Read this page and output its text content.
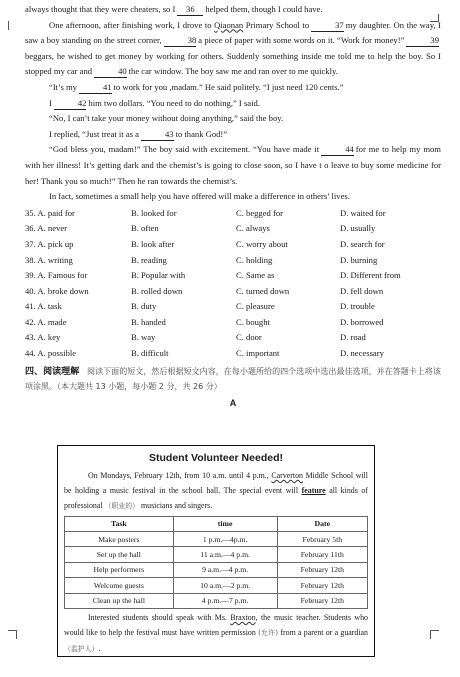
always thought that they were cheaters, so I 36 helped them, though I could have.

One afternoon, after finishing work, I drove to Qiaonan Primary School to	37 my daughter. On the way, I saw a boy standing on the street corner,	38 a piece of paper with some words on it. “Work for money!”	39beggars, he wished to get money by working for others. Suddenly something inside me told me to help the boy. So I stopped my car and	40 the car window. The boy saw me and ran over to me quickly.

“It’s my	41 to work for you ,madam.” He said politely. “I just need 120 cents.”

I	42 him two dollars. “You need to do nothing,” I said.

“No, I can’t take your money without doing anything,” said the boy.

I replied, “Just treat it as a	43 to thank God!”

“God bless you, madam!” The boy said with excitement. “You have made it	44 for me to help my mom with her illness! It’s getting dark and the chemist’s is going to close soon, so I have t o leave to buy some medicine for her! Thank you so much!” Then he ran towards the chemist’s.

In fact, sometimes a small help you have offered will make a difference in others’ lives.

35. A. paid for	B. looked for	C. begged for	D. waited for
36. A. never	B. often	C. always	D. usually
37. A. pick up	B. look after	C. worry about	D. search for
38. A. writing	B. reading	C. holding	D. burning
39. A. Famous for	B. Popular with	C. Same as	D. Different from
40. A. broke down	B. rolled down	C. turned down	D. fell down
41. A. task	B. duty	C. pleasure	D. trouble
42. A. made	B. handed	C. bought	D. borrowed
43. A. key	B. way	C. door	D. road
44. A. possible	B. difficult	C. important	D. necessary

四、阅读理解 阅读下面的短文，然后根据短文内容，在每小题所给的四个选项中选出最佳选项，并在答题卡上将该项涂黑。（本大题共 13 小题，每小题 2 分，共 26 分）

A
Student Volunteer Needed!

On Mondays, February 12th, from 10 a.m. until 4 p.m., Carverton Middle School will be holding a music festival in the school hall. The special event will feature all kinds of professional （职业的） musicians and singers.

Task	time	Date
Make posters	1 p.m.—4p.m.	February 5th
Set up the hall	11 a.m.—4 p.m.	February 11th
Help performers	9 a.m.—4 p.m.	February 12th
Welcome guests	10 a.m.—2 p.m.	February 12th
Clean up the hall	4 p.m.—7 p.m.	February 12th

Interested students should speak with Ms. Braxton, the music teacher. Students who would like to help the festival must have written permission (允许) from a parent or a guardian （监护人）.
